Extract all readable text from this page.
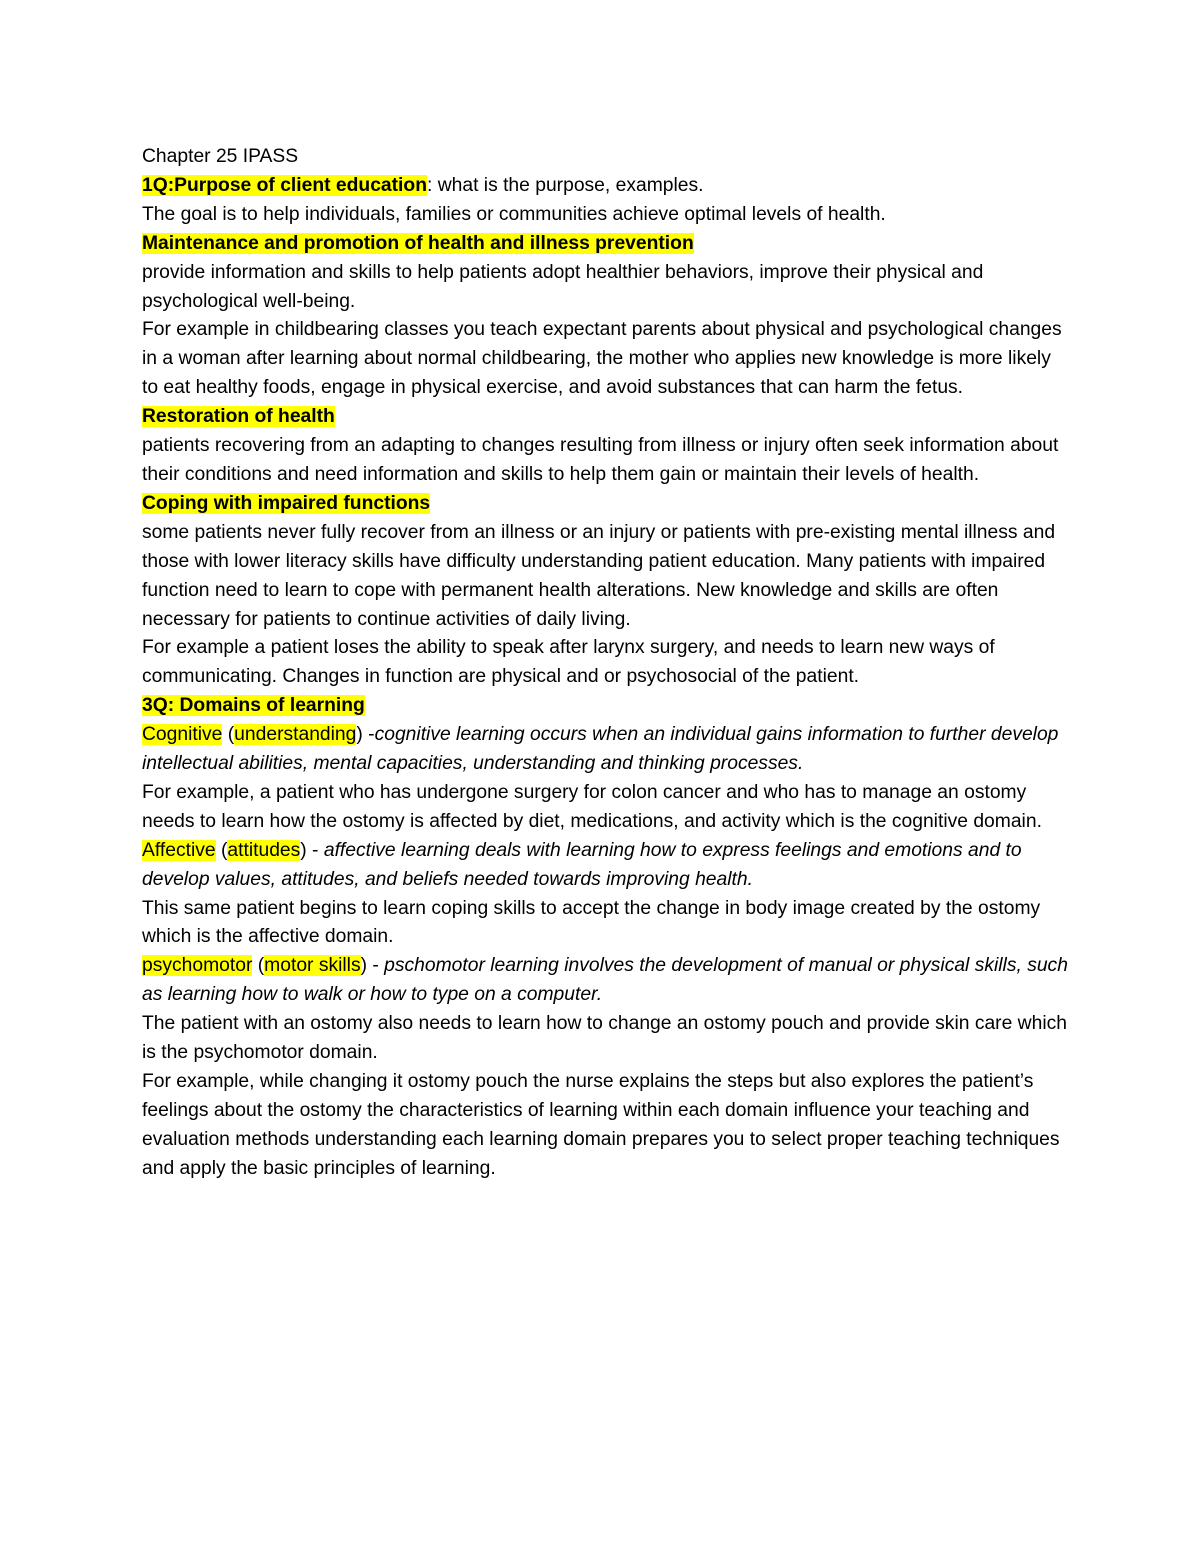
Chapter 25 IPASS

1Q:Purpose of client education: what is the purpose, examples.

The goal is to help individuals, families or communities achieve optimal levels of health.

Maintenance and promotion of health and illness prevention

provide information and skills to help patients adopt healthier behaviors, improve their physical and psychological well-being.

For example in childbearing classes you teach expectant parents about physical and psychological changes in a woman after learning about normal childbearing, the mother who applies new knowledge is more likely to eat healthy foods, engage in physical exercise, and avoid substances that can harm the fetus.

Restoration of health

patients recovering from an adapting to changes resulting from illness or injury often seek information about their conditions and need information and skills to help them gain or maintain their levels of health.

Coping with impaired functions

some patients never fully recover from an illness or an injury or patients with pre-existing mental illness and those with lower literacy skills have difficulty understanding patient education. Many patients with impaired function need to learn to cope with permanent health alterations. New knowledge and skills are often necessary for patients to continue activities of daily living.

For example a patient loses the ability to speak after larynx surgery, and needs to learn new ways of communicating. Changes in function are physical and or psychosocial of the patient.

3Q: Domains of learning

Cognitive (understanding) -cognitive learning occurs when an individual gains information to further develop intellectual abilities, mental capacities, understanding and thinking processes.

For example, a patient who has undergone surgery for colon cancer and who has to manage an ostomy needs to learn how the ostomy is affected by diet, medications, and activity which is the cognitive domain.

Affective (attitudes) - affective learning deals with learning how to express feelings and emotions and to develop values, attitudes, and beliefs needed towards improving health.

This same patient begins to learn coping skills to accept the change in body image created by the ostomy which is the affective domain.

psychomotor (motor skills) - pschomotor learning involves the development of manual or physical skills, such as learning how to walk or how to type on a computer.

The patient with an ostomy also needs to learn how to change an ostomy pouch and provide skin care which is the psychomotor domain.

For example, while changing it ostomy pouch the nurse explains the steps but also explores the patient’s feelings about the ostomy the characteristics of learning within each domain influence your teaching and evaluation methods understanding each learning domain prepares you to select proper teaching techniques and apply the basic principles of learning.
